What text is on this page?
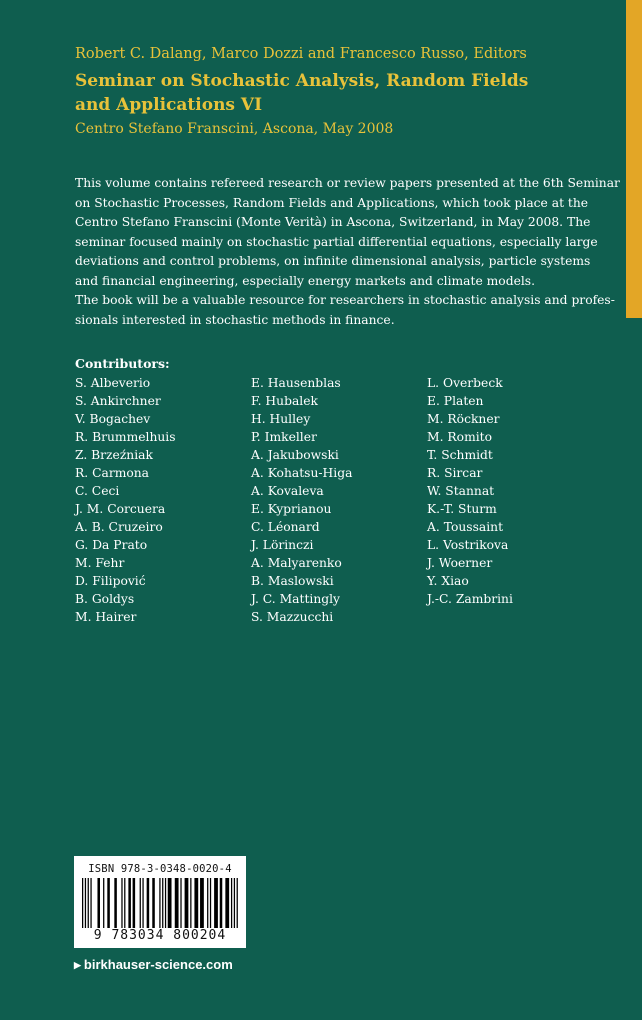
Robert C. Dalang, Marco Dozzi and Francesco Russo, Editors
Seminar on Stochastic Analysis, Random Fields
and Applications VI
Centro Stefano Franscini, Ascona, May 2008
This volume contains refereed research or review papers presented at the 6th Seminar
on Stochastic Processes, Random Fields and Applications, which took place at the
Centro Stefano Franscini (Monte Verità) in Ascona, Switzerland, in May 2008. The
seminar focused mainly on stochastic partial differential equations, especially large
deviations and control problems, on infinite dimensional analysis, particle systems
and financial engineering, especially energy markets and climate models.
The book will be a valuable resource for researchers in stochastic analysis and profes-
sionals interested in stochastic methods in finance.
Contributors:
S. Albeverio
S. Ankirchner
V. Bogachev
R. Brummelhuis
Z. Brzeźniak
R. Carmona
C. Ceci
J. M. Corcuera
A. B. Cruzeiro
G. Da Prato
M. Fehr
D. Filipović
B. Goldys
M. Hairer
E. Hausenblas
F. Hubalek
H. Hulley
P. Imkeller
A. Jakubowski
A. Kohatsu-Higa
A. Kovaleva
E. Kyprianou
C. Léonard
J. Lörinczi
A. Malyarenko
B. Maslowski
J. C. Mattingly
S. Mazzucchi
L. Overbeck
E. Platen
M. Röckner
M. Romito
T. Schmidt
R. Sircar
W. Stannat
K.-T. Sturm
A. Toussaint
L. Vostrikova
J. Woerner
Y. Xiao
J.-C. Zambrini
ISBN 978-3-0348-0020-4
9 783034 800204
▶ birkhauser-science.com
